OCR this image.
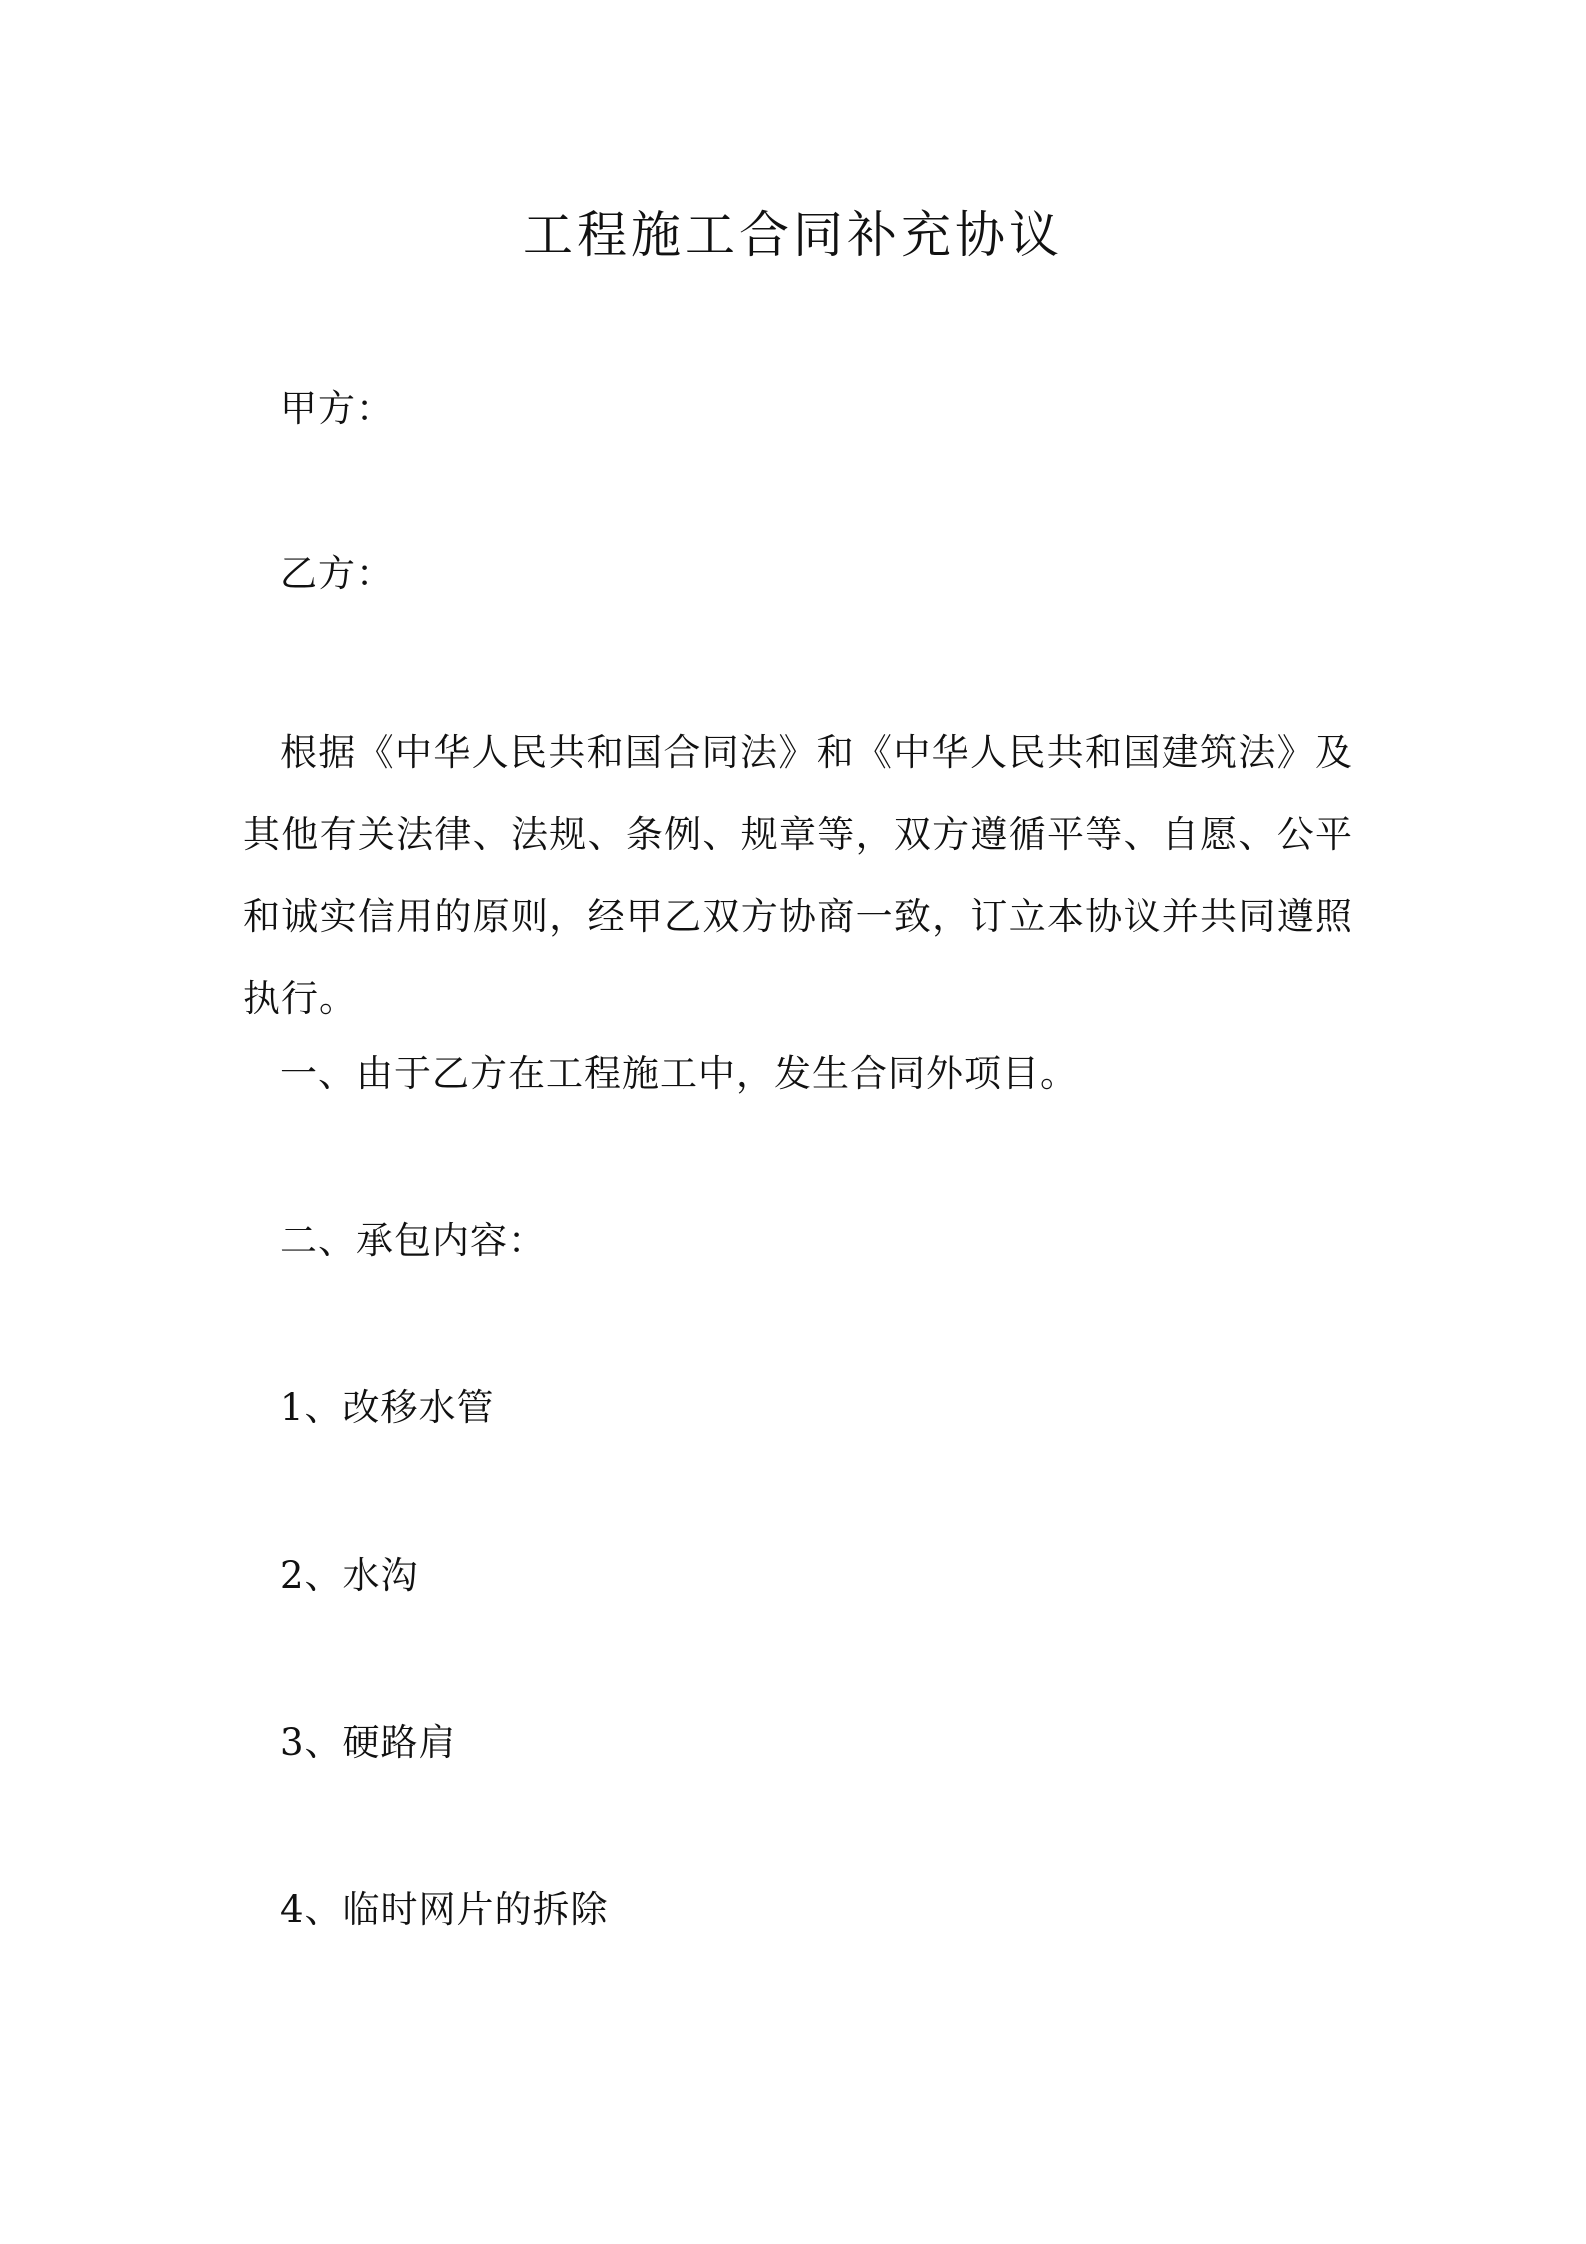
工程施工合同补充协议
甲方：
乙方：
根据《中华人民共和国合同法》和《中华人民共和国建筑法》及其他有关法律、法规、条例、规章等，双方遵循平等、自愿、公平和诚实信用的原则，经甲乙双方协商一致，订立本协议并共同遵照执行。
一、由于乙方在工程施工中，发生合同外项目。
二、承包内容：
1、改移水管
2、水沟
3、硬路肩
4、临时网片的拆除
